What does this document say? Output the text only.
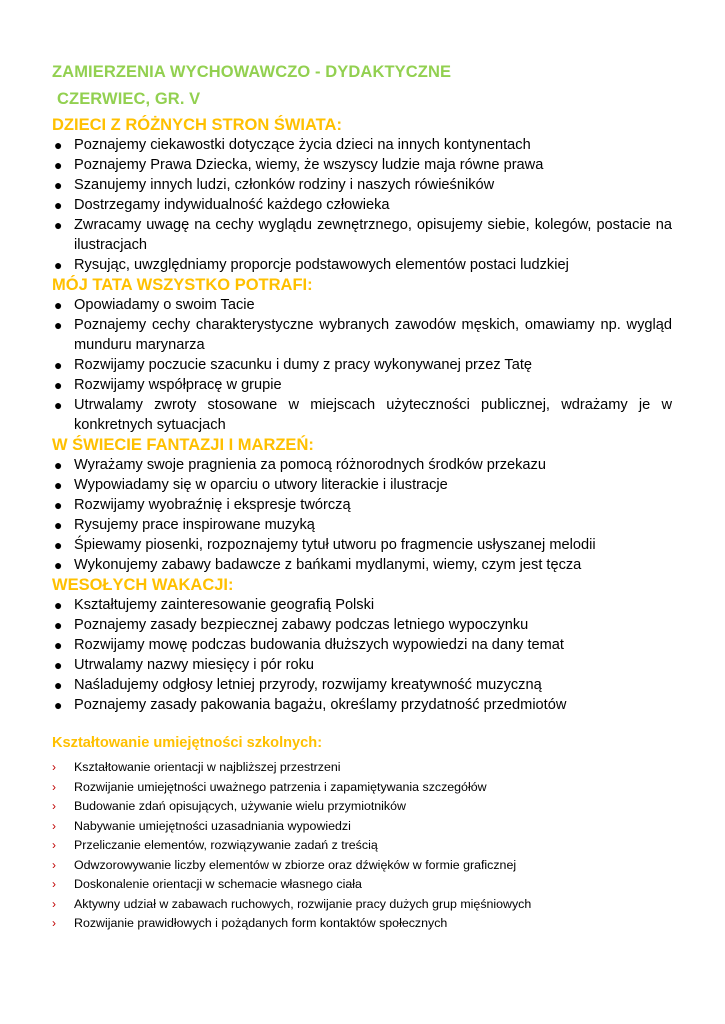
ZAMIERZENIA WYCHOWAWCZO - DYDAKTYCZNE

CZERWIEC, GR. V

DZIECI Z RÓŻNYCH STRON ŚWIATA:

● Poznajemy ciekawostki dotyczące życia dzieci na innych kontynentach
● Poznajemy Prawa Dziecka, wiemy, że wszyscy ludzie maja równe prawa
● Szanujemy innych ludzi, członków rodziny i naszych rówieśników
● Dostrzegamy indywidualność każdego człowieka
● Zwracamy uwagę na cechy wyglądu zewnętrznego, opisujemy siebie, kolegów, postacie na ilustracjach
● Rysując, uwzględniamy proporcje podstawowych elementów postaci ludzkiej

MÓJ TATA WSZYSTKO POTRAFI:

● Opowiadamy o swoim Tacie
● Poznajemy cechy charakterystyczne wybranych zawodów męskich, omawiamy np. wygląd munduru marynarza
● Rozwijamy poczucie szacunku i dumy z pracy wykonywanej przez Tatę
● Rozwijamy współpracę w grupie
● Utrwalamy zwroty stosowane w miejscach użyteczności publicznej, wdrażamy je w konkretnych sytuacjach

W ŚWIECIE FANTAZJI I MARZEŃ:

● Wyrażamy swoje pragnienia za pomocą różnorodnych środków przekazu
● Wypowiadamy się w oparciu o utwory literackie i ilustracje
● Rozwijamy wyobraźnię i ekspresje twórczą
● Rysujemy prace inspirowane muzyką
● Śpiewamy piosenki, rozpoznajemy tytuł utworu po fragmencie usłyszanej melodii
● Wykonujemy zabawy badawcze z bańkami mydlanymi, wiemy, czym jest tęcza

WESOŁYCH WAKACJI:

● Kształtujemy zainteresowanie geografią Polski
● Poznajemy zasady bezpiecznej zabawy podczas letniego wypoczynku
● Rozwijamy mowę podczas budowania dłuższych wypowiedzi na dany temat
● Utrwalamy nazwy miesięcy i pór roku
● Naśladujemy odgłosy letniej przyrody, rozwijamy kreatywność muzyczną
● Poznajemy zasady pakowania bagażu, określamy przydatność przedmiotów

Kształtowanie umiejętności szkolnych:

› Kształtowanie orientacji w najbliższej przestrzeni
› Rozwijanie umiejętności uważnego patrzenia i zapamiętywania szczegółów
› Budowanie zdań opisujących, używanie wielu przymiotników
› Nabywanie umiejętności uzasadniania wypowiedzi
› Przeliczanie elementów, rozwiązywanie zadań z treścią
› Odwzorowywanie liczby elementów w zbiorze oraz dźwięków w formie graficznej
› Doskonalenie orientacji w schemacie własnego ciała
› Aktywny udział w zabawach ruchowych, rozwijanie pracy dużych grup mięśniowych
› Rozwijanie prawidłowych i pożądanych form kontaktów społecznych
